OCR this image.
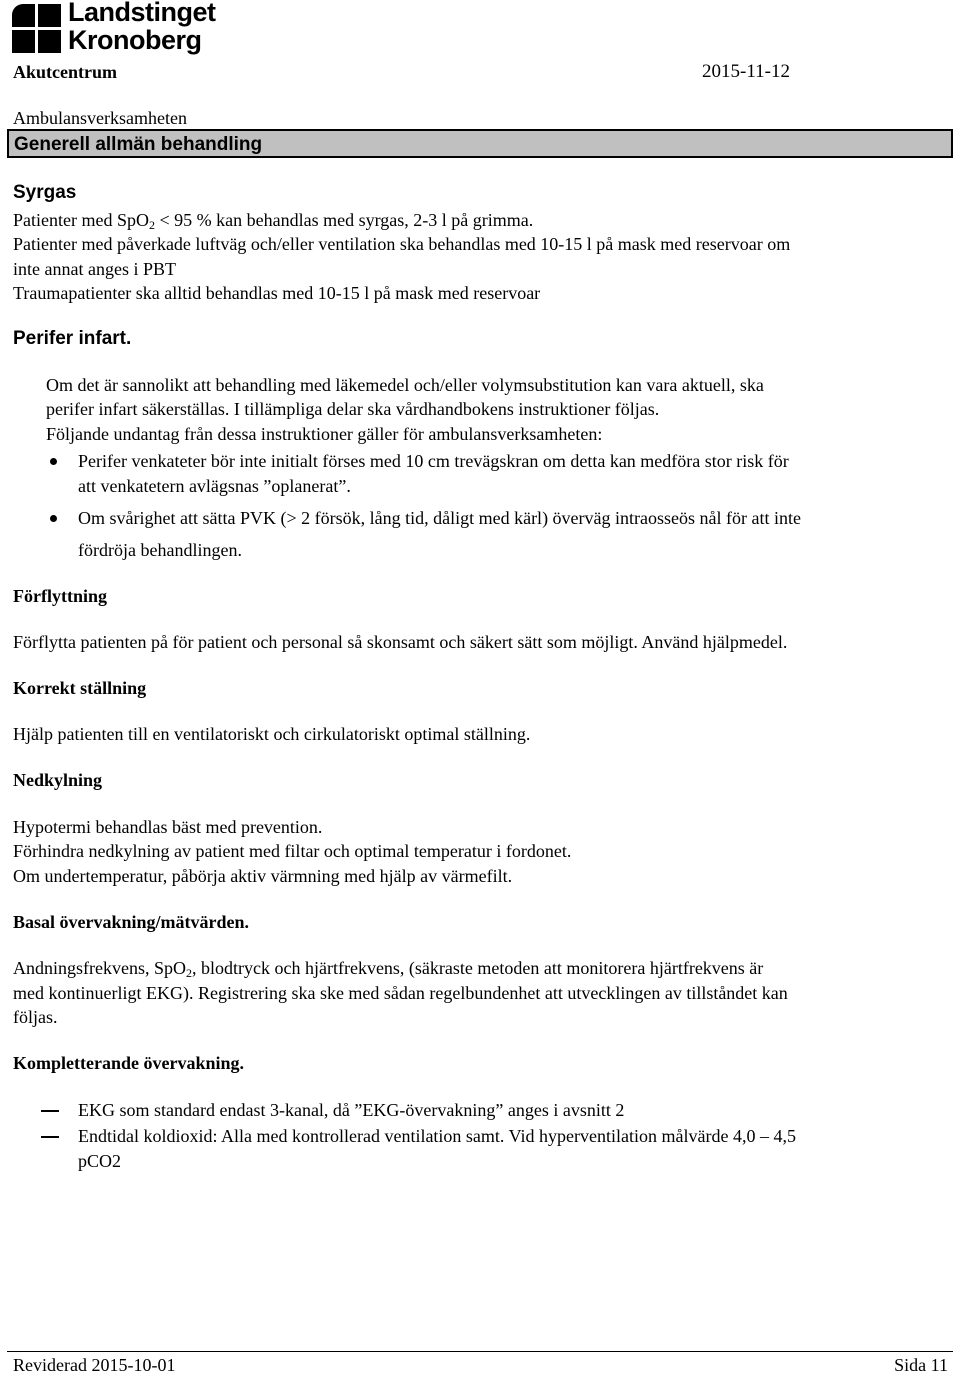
Landstinget
Kronoberg
Akutcentrum	2015-11-12
Ambulansverksamheten
Generell allmän behandling
Syrgas
Patienter med SpO$_2$ < 95 % kan behandlas med syrgas, 2-3 l på grimma.
Patienter med påverkade luftväg och/eller ventilation ska behandlas med 10-15 l på mask med reservoar om
inte annat anges i PBT
Traumapatienter ska alltid behandlas med 10-15 l på mask med reservoar
Perifer infart.
Om det är sannolikt att behandling med läkemedel och/eller volymsubstitution kan vara aktuell, ska
perifer infart säkerställas. I tillämpliga delar ska vårdhandbokens instruktioner följas.
Följande undantag från dessa instruktioner gäller för ambulansverksamheten:
Perifer venkateter bör inte initialt förses med 10 cm trevägskran om detta kan medföra stor risk för
att venkatetern avlägsnas ”oplanerat”.
Om svårighet att sätta PVK (> 2 försök, lång tid, dåligt med kärl) överväg intraosseös nål för att inte
fördröja behandlingen.
Förflyttning
Förflytta patienten på för patient och personal så skonsamt och säkert sätt som möjligt. Använd hjälpmedel.
Korrekt ställning
Hjälp patienten till en ventilatoriskt och cirkulatoriskt optimal ställning.
Nedkylning
Hypotermi behandlas bäst med prevention.
Förhindra nedkylning av patient med filtar och optimal temperatur i fordonet.
Om undertemperatur, påbörja aktiv värmning med hjälp av värmefilt.
Basal övervakning/mätvärden.
Andningsfrekvens, SpO$_2$, blodtryck och hjärtfrekvens, (säkraste metoden att monitorera hjärtfrekvens är
med kontinuerligt EKG). Registrering ska ske med sådan regelbundenhet att utvecklingen av tillståndet kan
följas.
Kompletterande övervakning.
EKG som standard endast 3-kanal, då ”EKG-övervakning” anges i avsnitt 2
Endtidal koldioxid: Alla med kontrollerad ventilation samt. Vid hyperventilation målvärde 4,0 – 4,5
pCO2
Reviderad 2015-10-01	Sida 11
